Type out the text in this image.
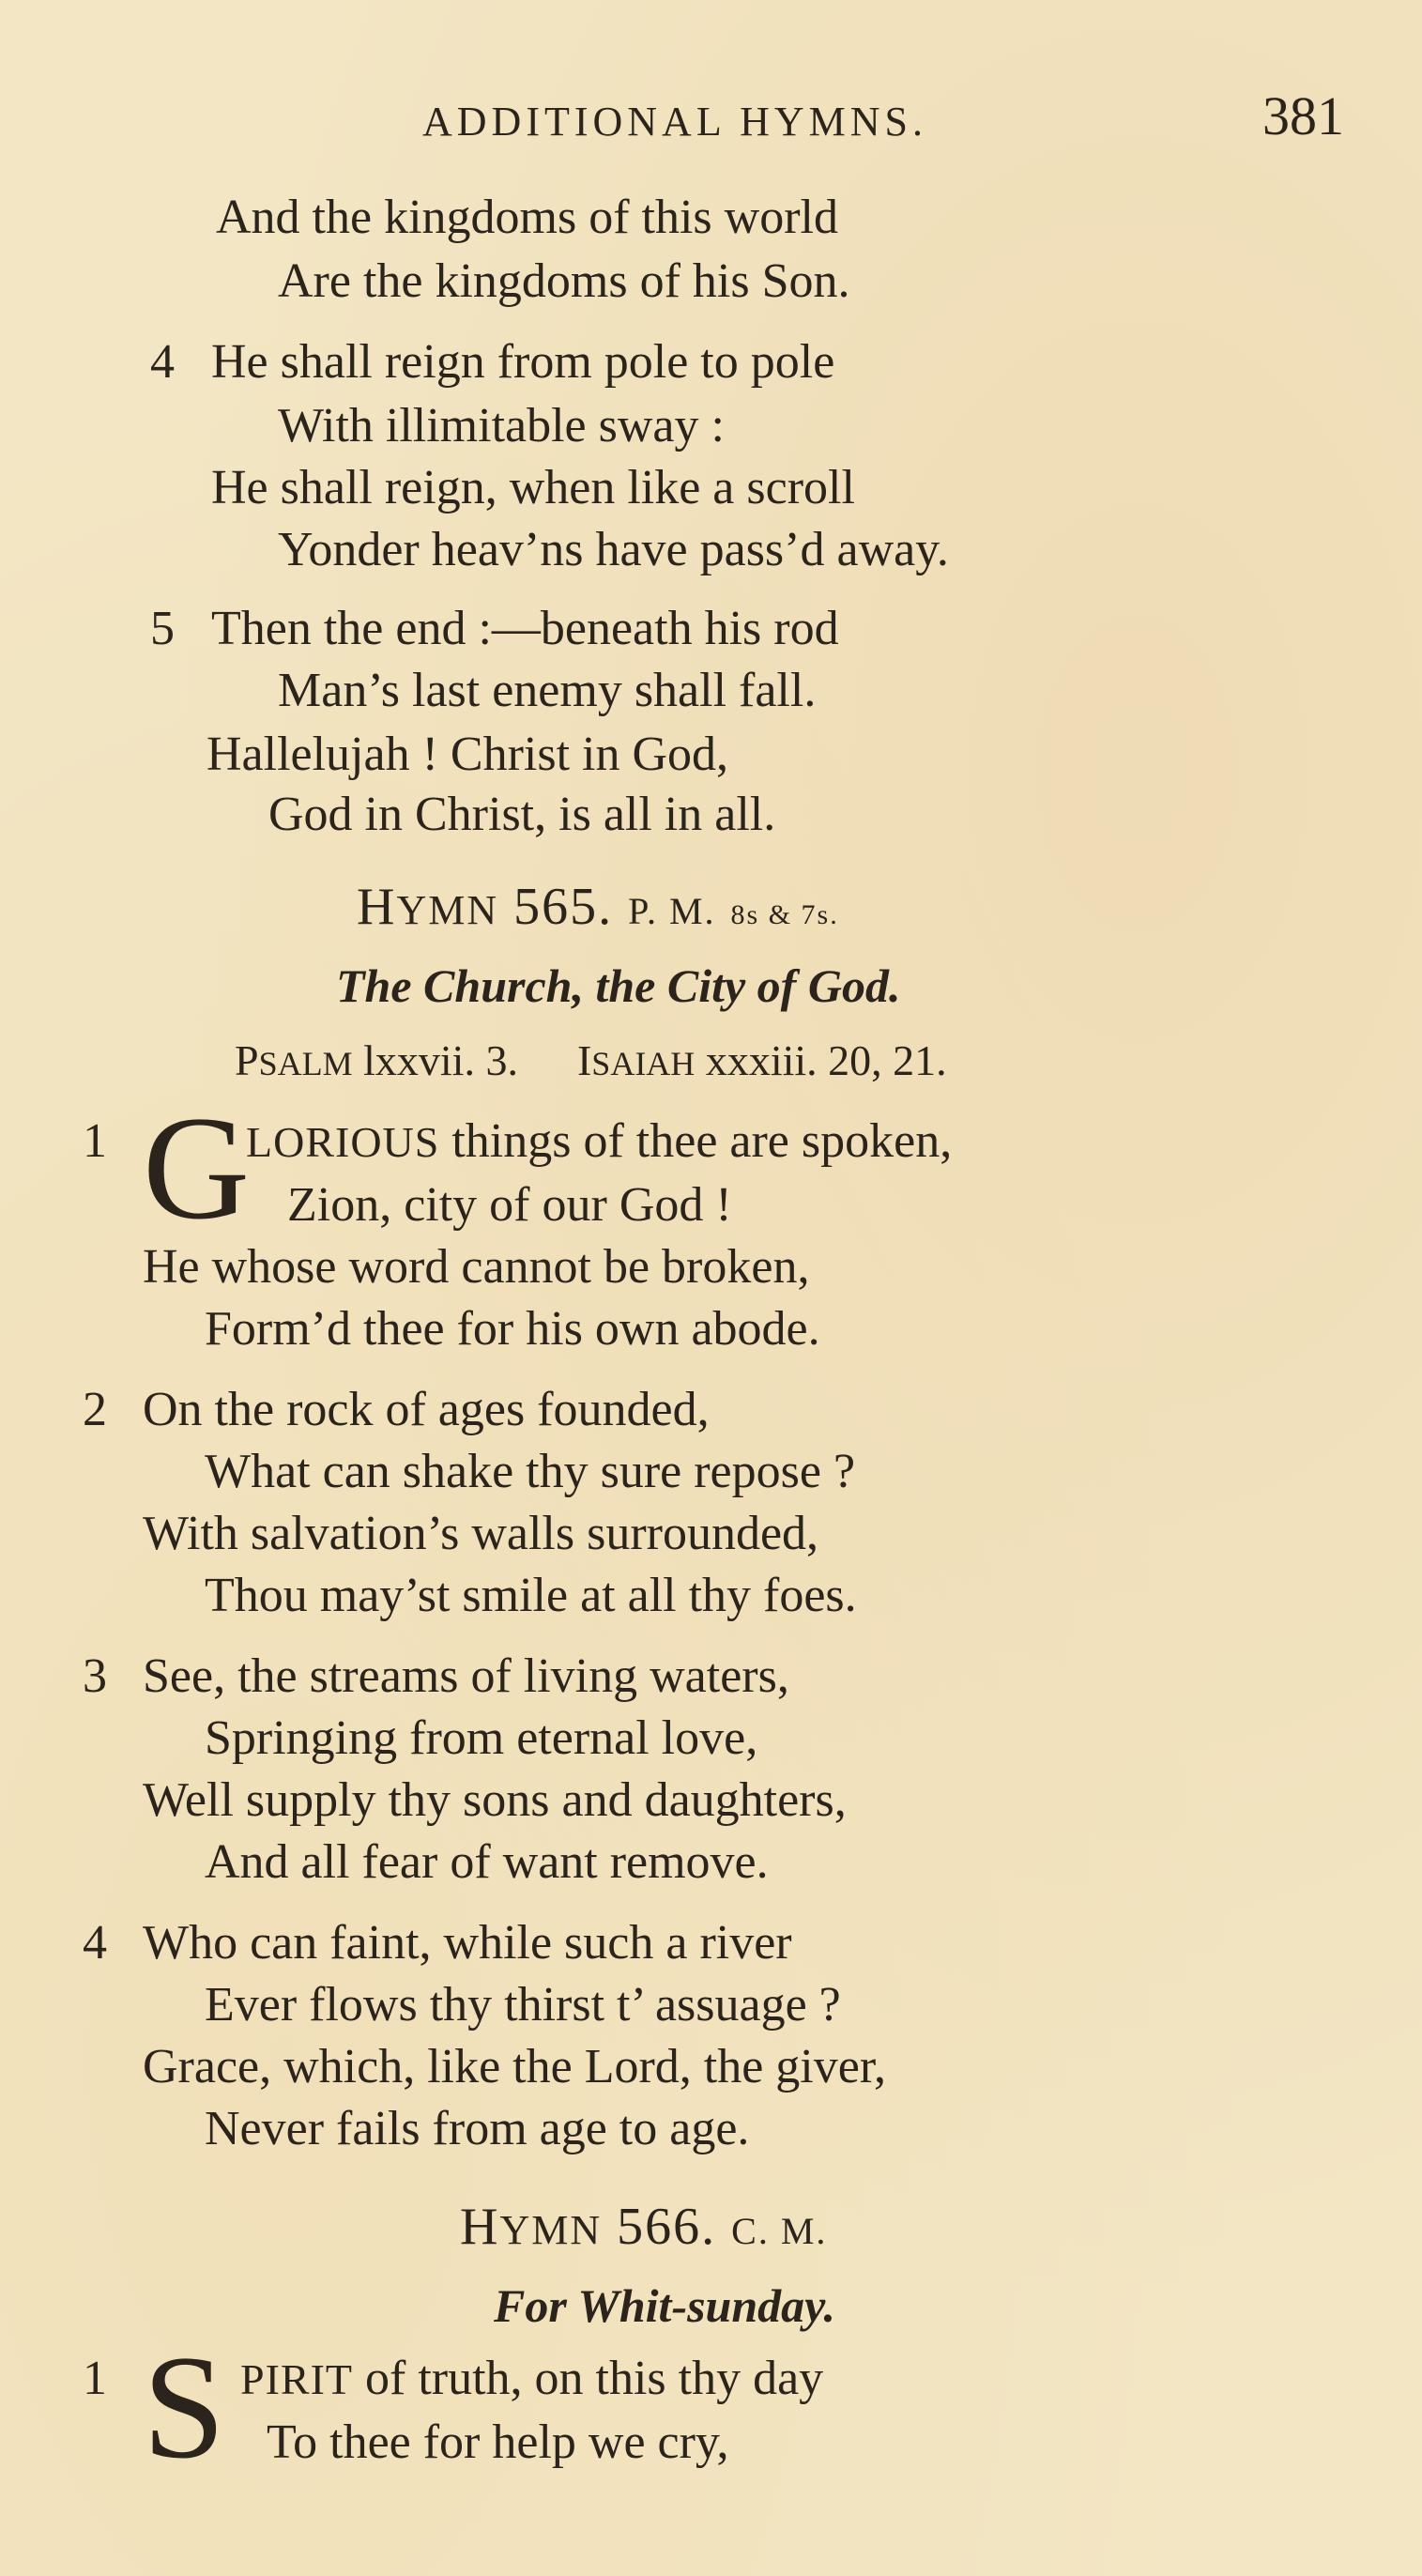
ADDITIONAL HYMNS.	381
And the kingdoms of this world
Are the kingdoms of his Son.
4 He shall reign from pole to pole
With illimitable sway :
He shall reign, when like a scroll
Yonder heav’ns have pass’d away.
5 Then the end :—beneath his rod
Man’s last enemy shall fall.
Hallelujah ! Christ in God,
God in Christ, is all in all.
HYMN 565. P. M. 8s & 7s.
The Church, the City of God.
PSALM lxxvii. 3. ISAIAH xxxiii. 20, 21.
1 G
LORIOUS things of thee are spoken,
Zion, city of our God !
He whose word cannot be broken,
Form’d thee for his own abode.
2 On the rock of ages founded,
What can shake thy sure repose ?
With salvation’s walls surrounded,
Thou may’st smile at all thy foes.
3 See, the streams of living waters,
Springing from eternal love,
Well supply thy sons and daughters,
And all fear of want remove.
4 Who can faint, while such a river
Ever flows thy thirst t’ assuage ?
Grace, which, like the Lord, the giver,
Never fails from age to age.
HYMN 566. C. M.
For Whit-sunday.
1 S PIRIT of truth, on this thy day
To thee for help we cry,
